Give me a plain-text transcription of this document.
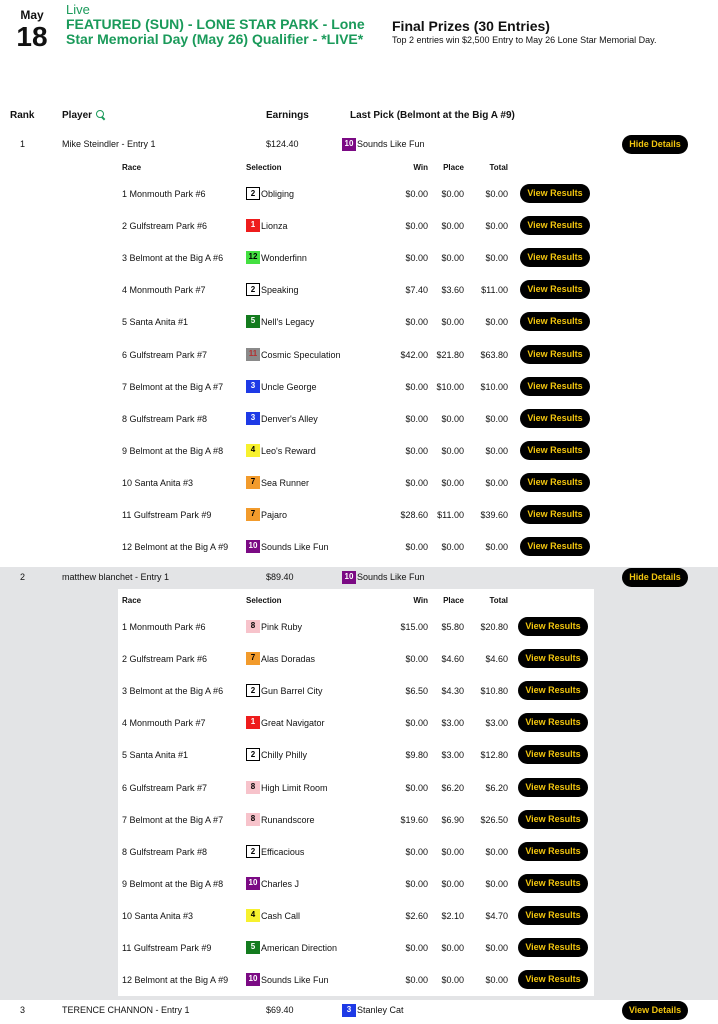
May
18
Live
FEATURED (SUN) - LONE STAR PARK - Lone Star Memorial Day (May 26) Qualifier - *LIVE*
Final Prizes (30 Entries)
Top 2 entries win $2,500 Entry to May 26 Lone Star Memorial Day.
Rank	Player	Earnings	Last Pick (Belmont at the Big A #9)
1	Mike Steindler - Entry 1	$124.40	10 Sounds Like Fun	Hide Details
Race	Selection	Win	Place	Total
1 Monmouth Park #6	2 Obliging	$0.00	$0.00	$0.00	View Results
2 Gulfstream Park #6	1 Lionza	$0.00	$0.00	$0.00	View Results
3 Belmont at the Big A #6	12 Wonderfinn	$0.00	$0.00	$0.00	View Results
4 Monmouth Park #7	2 Speaking	$7.40	$3.60	$11.00	View Results
5 Santa Anita #1	5 Nell's Legacy	$0.00	$0.00	$0.00	View Results
6 Gulfstream Park #7	11 Cosmic Speculation	$42.00 $21.80	$63.80	View Results
7 Belmont at the Big A #7	3 Uncle George	$0.00 $10.00	$10.00	View Results
8 Gulfstream Park #8	3 Denver's Alley	$0.00	$0.00	$0.00	View Results
9 Belmont at the Big A #8	4 Leo's Reward	$0.00	$0.00	$0.00	View Results
10 Santa Anita #3	7 Sea Runner	$0.00	$0.00	$0.00	View Results
11 Gulfstream Park #9	7 Pajaro	$28.60	$11.00	$39.60	View Results
12 Belmont at the Big A #9	10 Sounds Like Fun	$0.00	$0.00	$0.00	View Results
2	matthew blanchet - Entry 1	$89.40	10 Sounds Like Fun	Hide Details
Race	Selection	Win	Place	Total
1 Monmouth Park #6	8 Pink Ruby	$15.00	$5.80	$20.80	View Results
2 Gulfstream Park #6	7 Alas Doradas	$0.00	$4.60	$4.60	View Results
3 Belmont at the Big A #6	2 Gun Barrel City	$6.50	$4.30	$10.80	View Results
4 Monmouth Park #7	1 Great Navigator	$0.00	$3.00	$3.00	View Results
5 Santa Anita #1	2 Chilly Philly	$9.80	$3.00	$12.80	View Results
6 Gulfstream Park #7	8 High Limit Room	$0.00	$6.20	$6.20	View Results
7 Belmont at the Big A #7	8 Runandscore	$19.60	$6.90	$26.50	View Results
8 Gulfstream Park #8	2 Efficacious	$0.00	$0.00	$0.00	View Results
9 Belmont at the Big A #8	10 Charles J	$0.00	$0.00	$0.00	View Results
10 Santa Anita #3	4 Cash Call	$2.60	$2.10	$4.70	View Results
11 Gulfstream Park #9	5 American Direction	$0.00	$0.00	$0.00	View Results
12 Belmont at the Big A #9	10 Sounds Like Fun	$0.00	$0.00	$0.00	View Results
3	TERENCE CHANNON - Entry 1	$69.40	3 Stanley Cat	View Details
